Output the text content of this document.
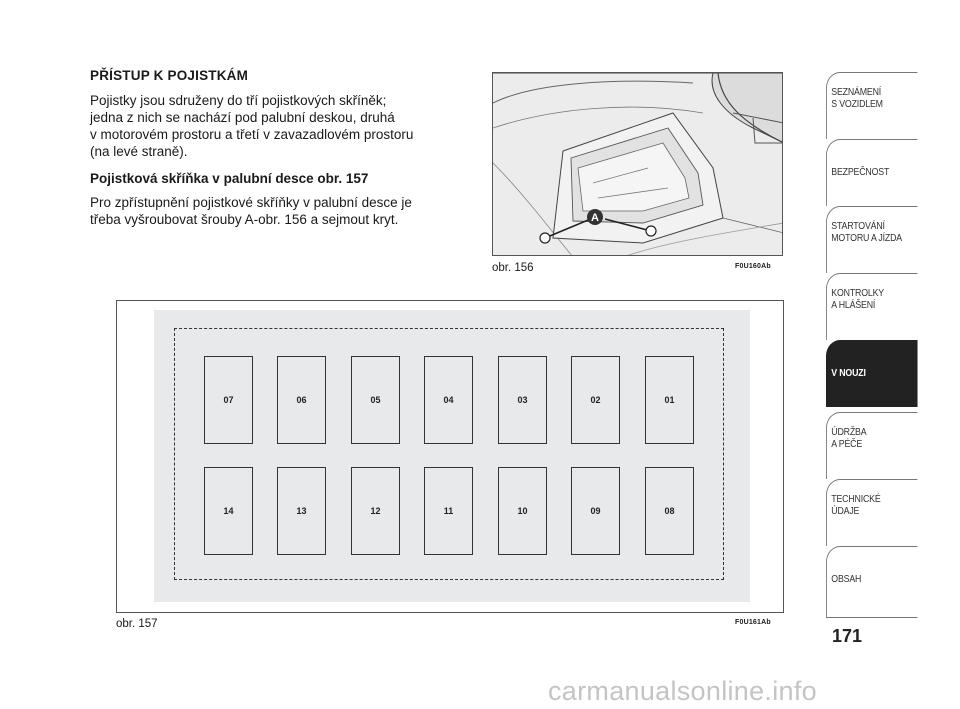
PŘÍSTUP K POJISTKÁM
Pojistky jsou sdruženy do tří pojistkových skříněk;
jedna z nich se nachází pod palubní deskou, druhá
v motorovém prostoru a třetí v zavazadlovém prostoru
(na levé straně).
Pojistková skříňka v palubní desce obr. 157
Pro zpřístupnění pojistkové skříňky v palubní desce je
třeba vyšroubovat šrouby A-obr. 156 a sejmout kryt.	A
obr. 156	F0U160Ab
07	06	05	04	03	02	01
14	13	12	11	10	09	08
obr. 157	F0U161Ab
SEZNÁMENÍ
S VOZIDLEM
BEZPEČNOST
STARTOVÁNÍ
MOTORU A JÍZDA
KONTROLKY
A HLÁŠENÍ
V NOUZI
ÚDRŽBA
A PÉČE
TECHNICKÉ
ÚDAJE
OBSAH
171
carmanualsonline.info
